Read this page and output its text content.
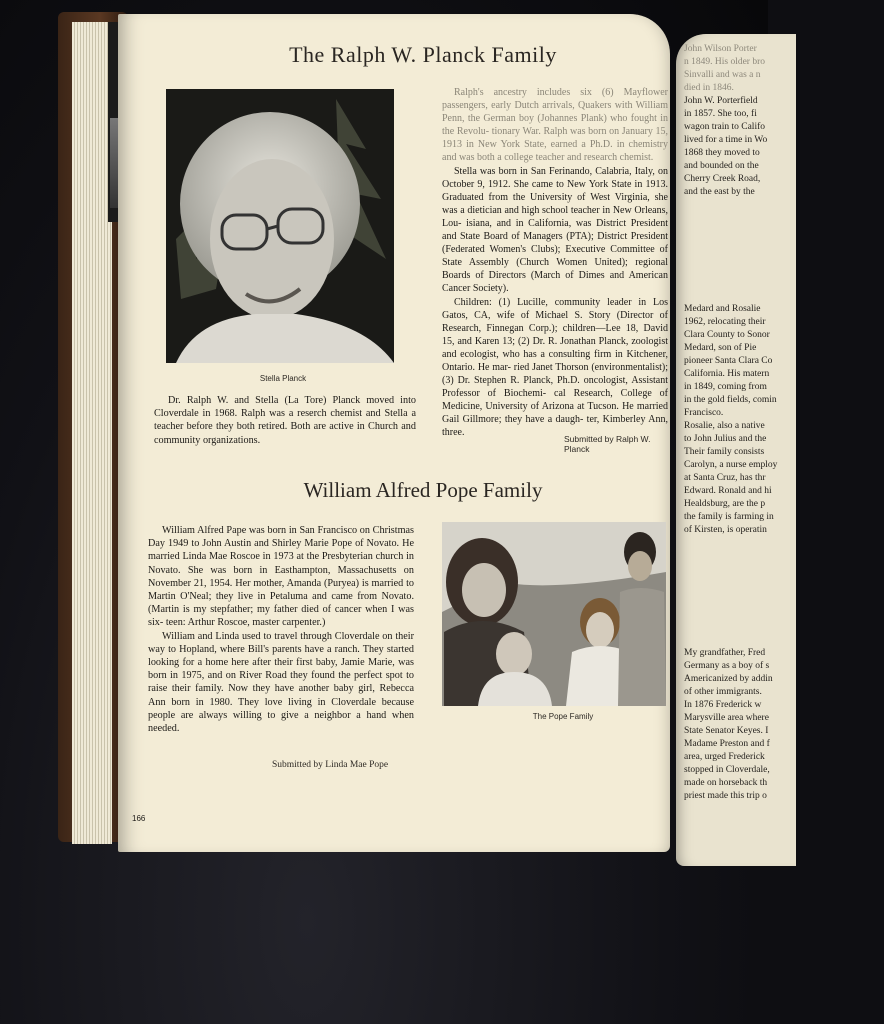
The Ralph W. Planck Family
Stella Planck

Dr. Ralph W. and Stella (La Tore) Planck moved into Cloverdale in 1968. Ralph was a reserch chemist and Stella a teacher before they both retired. Both are active in Church and community organizations.

Ralph's ancestry includes six (6) Mayflower passengers, early Dutch arrivals, Quakers with William Penn, the German boy (Johannes Plank) who fought in the Revolu- tionary War. Ralph was born on January 15, 1913 in New York State, earned a Ph.D. in chemistry and was both a college teacher and research chemist.

Stella was born in San Ferinando, Calabria, Italy, on October 9, 1912. She came to New York State in 1913. Graduated from the University of West Virginia, she was a dietician and high school teacher in New Orleans, Lou- isiana, and in California, was District President and State Board of Managers (PTA); District President (Federated Women's Clubs); Executive Committee of State Assembly (Church Women United); regional Boards of Directors (March of Dimes and American Cancer Society).

Children: (1) Lucille, community leader in Los Gatos, CA, wife of Michael S. Story (Director of Research, Finnegan Corp.); children—Lee 18, David 15, and Karen 13; (2) Dr. R. Jonathan Planck, zoologist and ecologist, who has a consulting firm in Kitchener, Ontario. He mar- ried Janet Thorson (environmentalist); (3) Dr. Stephen R. Planck, Ph.D. oncologist, Assistant Professor of Biochemi- cal Research, College of Medicine, University of Arizona at Tucson. He married Gail Gillmore; they have a daugh- ter, Kimberley Ann, three.

Submitted by Ralph W. Planck
William Alfred Pope Family

William Alfred Pape was born in San Francisco on Christmas Day 1949 to John Austin and Shirley Marie Pope of Novato. He married Linda Mae Roscoe in 1973 at the Presbyterian church in Novato. She was born in Easthampton, Massachusetts on November 21, 1954. Her mother, Amanda (Puryea) is married to Martin O'Neal; they live in Petaluma and came from Novato. (Martin is my stepfather; my father died of cancer when I was six- teen: Arthur Roscoe, master carpenter.)

William and Linda used to travel through Cloverdale on their way to Hopland, where Bill's parents have a ranch. They started looking for a home here after their first baby, Jamie Marie, was born in 1975, and on River Road they found the perfect spot to raise their family. Now they have another baby girl, Rebecca Ann born in 1980. They love living in Cloverdale because people are always willing to give a neighbor a hand when needed.

The Pope Family
Submitted by Linda Mae Pope
166
John Wilson Porter
n 1849. His older bro
Sinvalli and was a n
died in 1846.
John W. Porterfield
in 1857. She too, fi
wagon train to Califo
lived for a time in Wo
1868 they moved to
and bounded on the
Cherry Creek Road,
and the east by the
Medard and Rosalie
1962, relocating their
Clara County to Sonor
Medard, son of Pie
pioneer Santa Clara Co
California. His matern
in 1849, coming from
in the gold fields, comin
Francisco.
Rosalie, also a native
to John Julius and the
Their family consists
Carolyn, a nurse employ
at Santa Cruz, has thr
Edward. Ronald and hi
Healdsburg, are the p
the family is farming in
of Kirsten, is operatin
My grandfather, Fred
Germany as a boy of s
Americanized by addin
of other immigrants.
In 1876 Frederick w
Marysville area where
State Senator Keyes. I
Madame Preston and f
area, urged Frederick
stopped in Cloverdale,
made on horseback th
priest made this trip o
